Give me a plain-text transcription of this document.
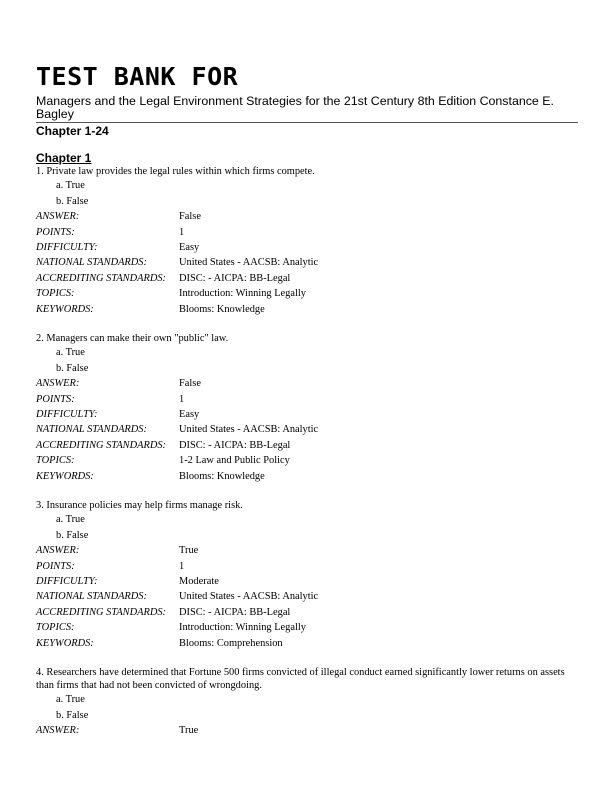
TEST BANK FOR
Managers and the Legal Environment Strategies for the 21st Century 8th Edition Constance E. Bagley
Chapter 1-24
Chapter 1
1. Private law provides the legal rules within which firms compete.
a. True
b. False
ANSWER:	False
POINTS:	1
DIFFICULTY:	Easy
NATIONAL STANDARDS:	United States - AACSB: Analytic
ACCREDITING STANDARDS:	DISC: - AICPA: BB-Legal
TOPICS:	Introduction: Winning Legally
KEYWORDS:	Blooms: Knowledge
2. Managers can make their own "public" law.
a. True
b. False
ANSWER:	False
POINTS:	1
DIFFICULTY:	Easy
NATIONAL STANDARDS:	United States - AACSB: Analytic
ACCREDITING STANDARDS:	DISC: - AICPA: BB-Legal
TOPICS:	1-2 Law and Public Policy
KEYWORDS:	Blooms: Knowledge
3. Insurance policies may help firms manage risk.
a. True
b. False
ANSWER:	True
POINTS:	1
DIFFICULTY:	Moderate
NATIONAL STANDARDS:	United States - AACSB: Analytic
ACCREDITING STANDARDS:	DISC: - AICPA: BB-Legal
TOPICS:	Introduction: Winning Legally
KEYWORDS:	Blooms: Comprehension
4. Researchers have determined that Fortune 500 firms convicted of illegal conduct earned significantly lower returns on assets than firms that had not been convicted of wrongdoing.
a. True
b. False
ANSWER:	True
